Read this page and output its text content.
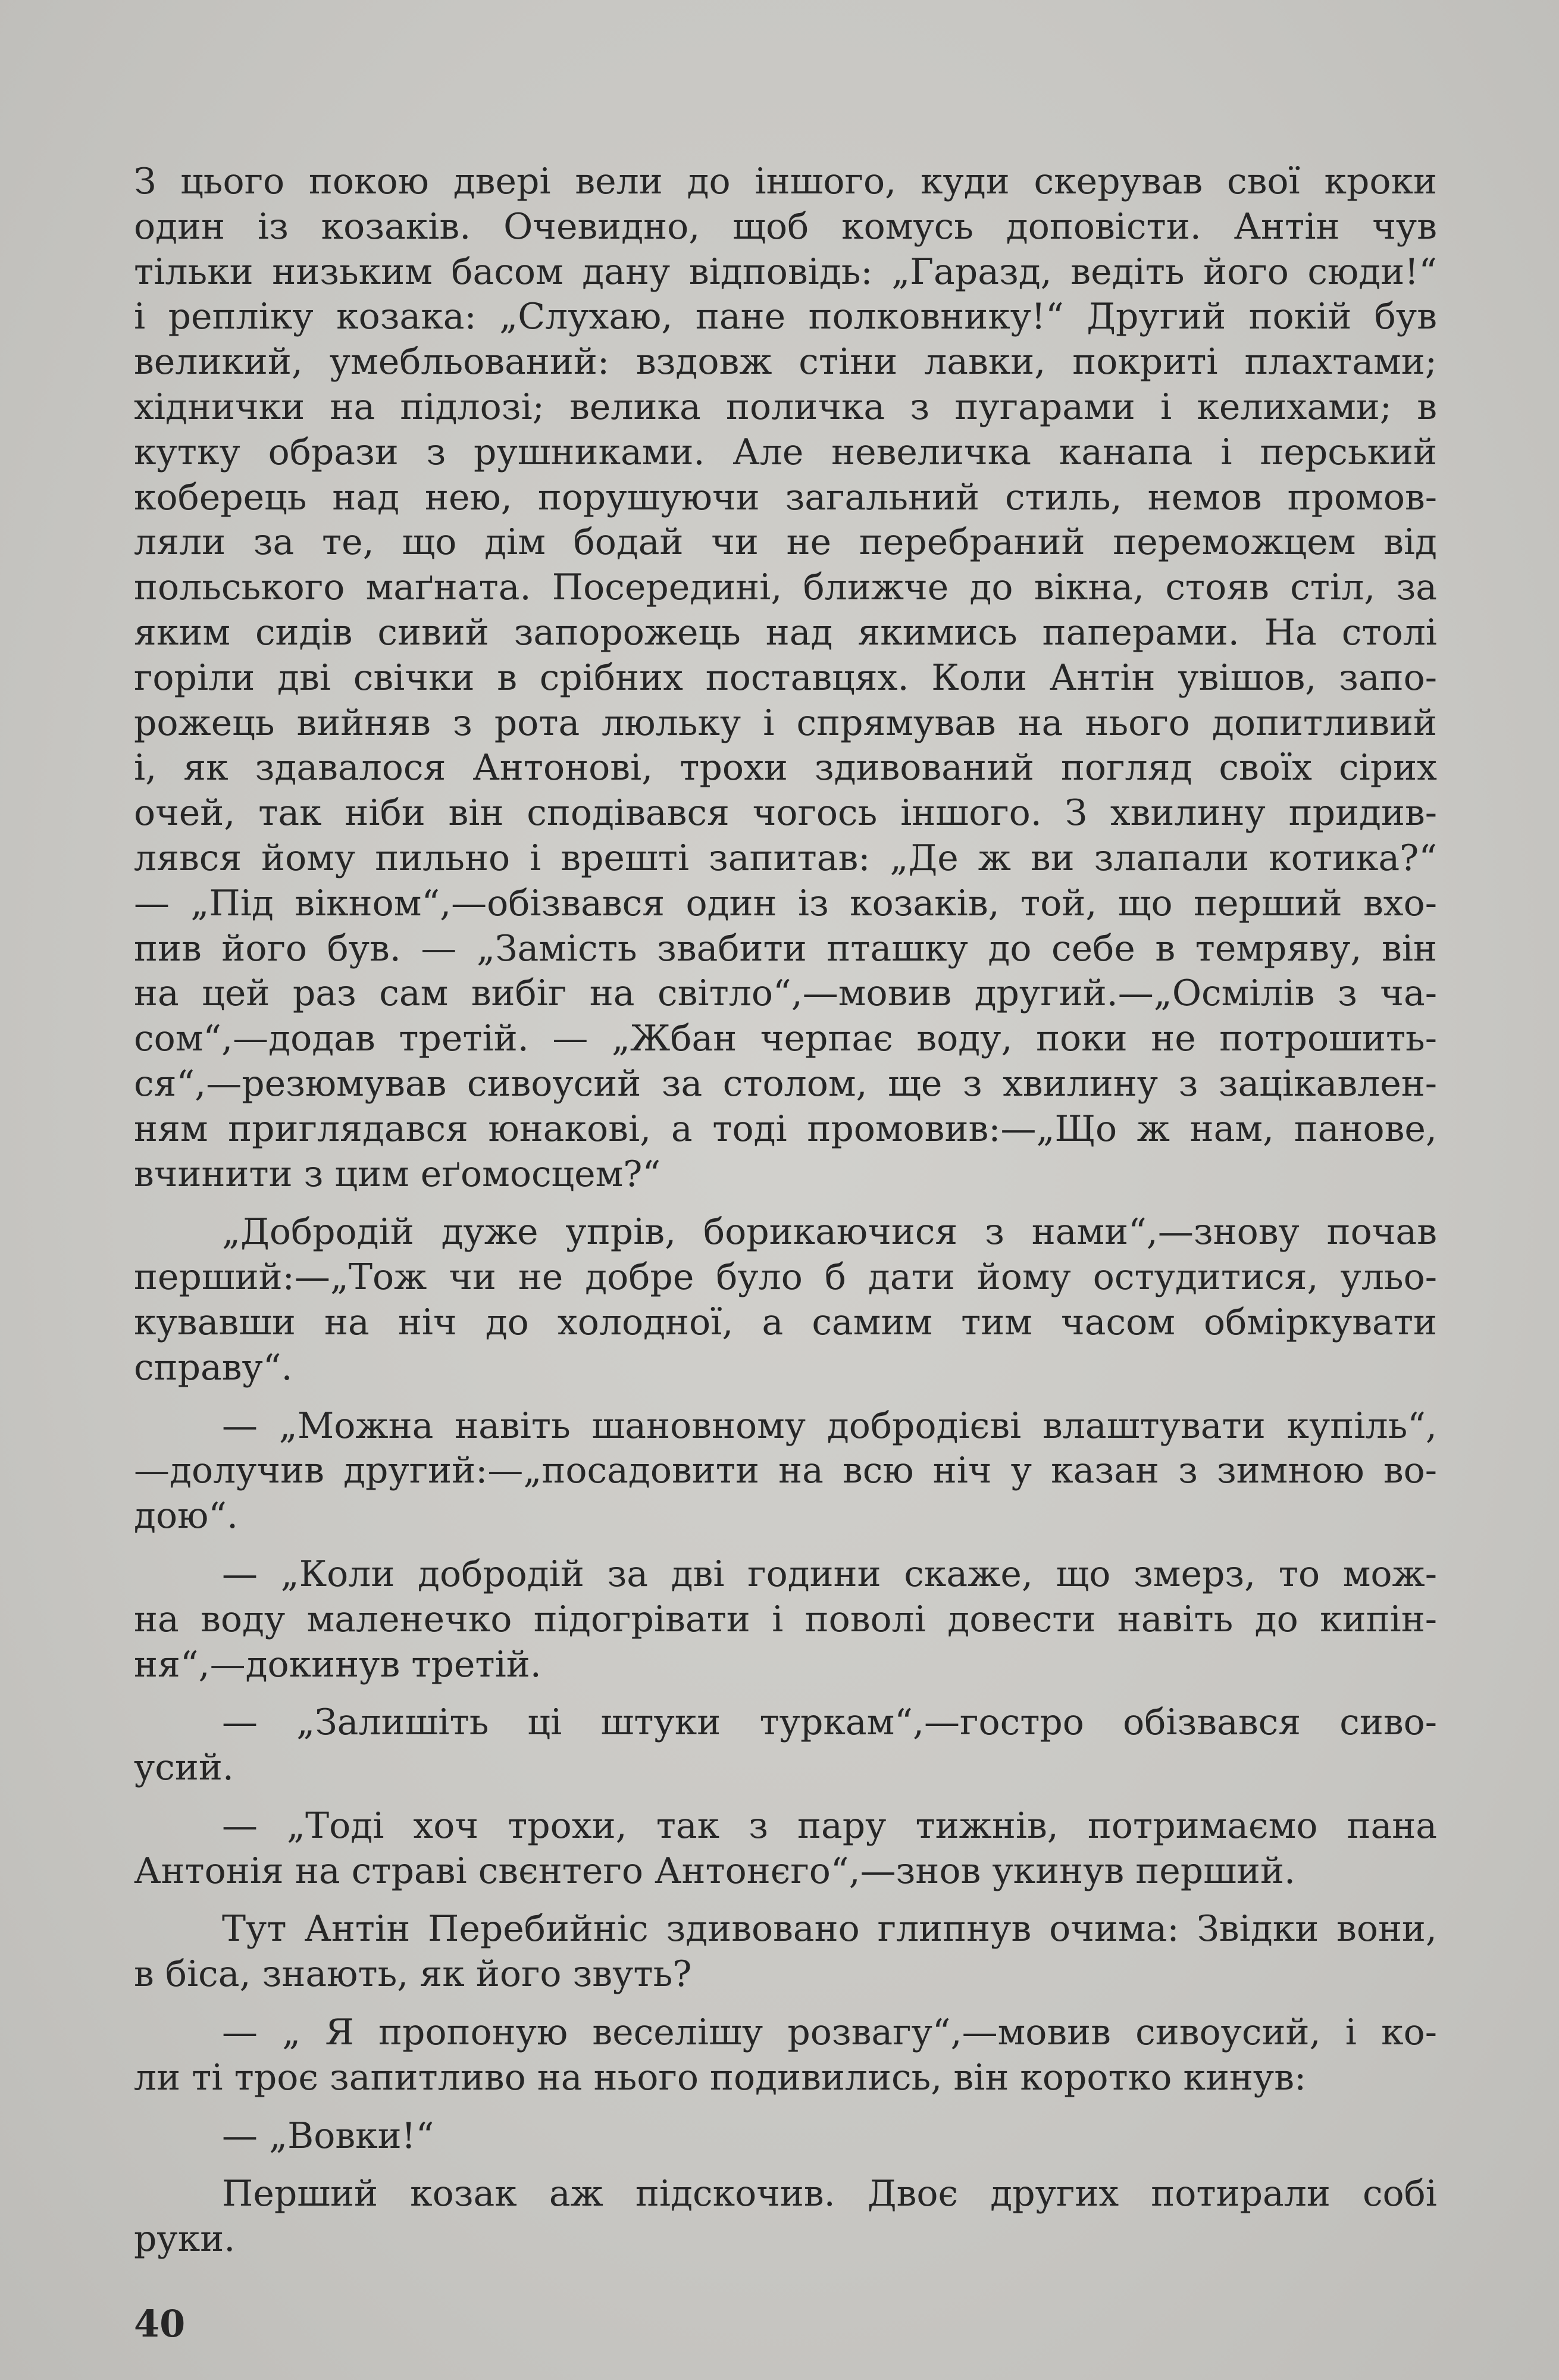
З цього покою двері вели до іншого, куди скерував свої кроки
один із козаків. Очевидно, щоб комусь доповісти. Антін чув
тільки низьким басом дану відповідь: „Гаразд, ведіть його сюди!“
і репліку козака: „Слухаю, пане полковнику!“ Другий покій був
великий, умебльований: вздовж стіни лавки, покриті плахтами;
хіднички на підлозі; велика поличка з пугарами і келихами; в
кутку образи з рушниками. Але невеличка канапа і перський
коберець над нею, порушуючи загальний стиль, немов промов-
ляли за те, що дім бодай чи не перебраний переможцем від
польського маґната. Посередині, ближче до вікна, стояв стіл, за
яким сидів сивий запорожець над якимись паперами. На столі
горіли дві свічки в срібних поставцях. Коли Антін увішов, запо-
рожець вийняв з рота люльку і спрямував на нього допитливий
і, як здавалося Антонові, трохи здивований погляд своїх сірих
очей, так ніби він сподівався чогось іншого. З хвилину придив-
лявся йому пильно і врешті запитав: „Де ж ви злапали котика?“
— „Під вікном“,—обізвався один із козаків, той, що перший вхо-
пив його був. — „Замість звабити пташку до себе в темряву, він
на цей раз сам вибіг на світло“,—мовив другий.—„Осмілів з ча-
сом“,—додав третій. — „Жбан черпає воду, поки не потрошить-
ся“,—резюмував сивоусий за столом, ще з хвилину з зацікавлен-
ням приглядався юнакові, а тоді промовив:—„Що ж нам, панове,
вчинити з цим еґомосцем?“
„Добродій дуже упрів, борикаючися з нами“,—знову почав
перший:—„Тож чи не добре було б дати йому остудитися, ульо-
кувавши на ніч до холодної, а самим тим часом обміркувати
справу“.
— „Можна навіть шановному добродієві влаштувати купіль“,
—долучив другий:—„посадовити на всю ніч у казан з зимною во-
дою“.
— „Коли добродій за дві години скаже, що змерз, то мож-
на воду маленечко підогрівати і поволі довести навіть до кипін-
ня“,—докинув третій.
— „Залишіть ці штуки туркам“,—гостро обізвався сиво-
усий.
— „Тоді хоч трохи, так з пару тижнів, потримаємо пана
Антонія на страві свєнтего Антонєго“,—знов укинув перший.
Тут Антін Перебийніс здивовано глипнув очима: Звідки вони,
в біса, знають, як його звуть?
— „ Я пропоную веселішу розвагу“,—мовив сивоусий, і ко-
ли ті троє запитливо на нього подивились, він коротко кинув:
— „Вовки!“
Перший козак аж підскочив. Двоє других потирали собі
руки.
40
